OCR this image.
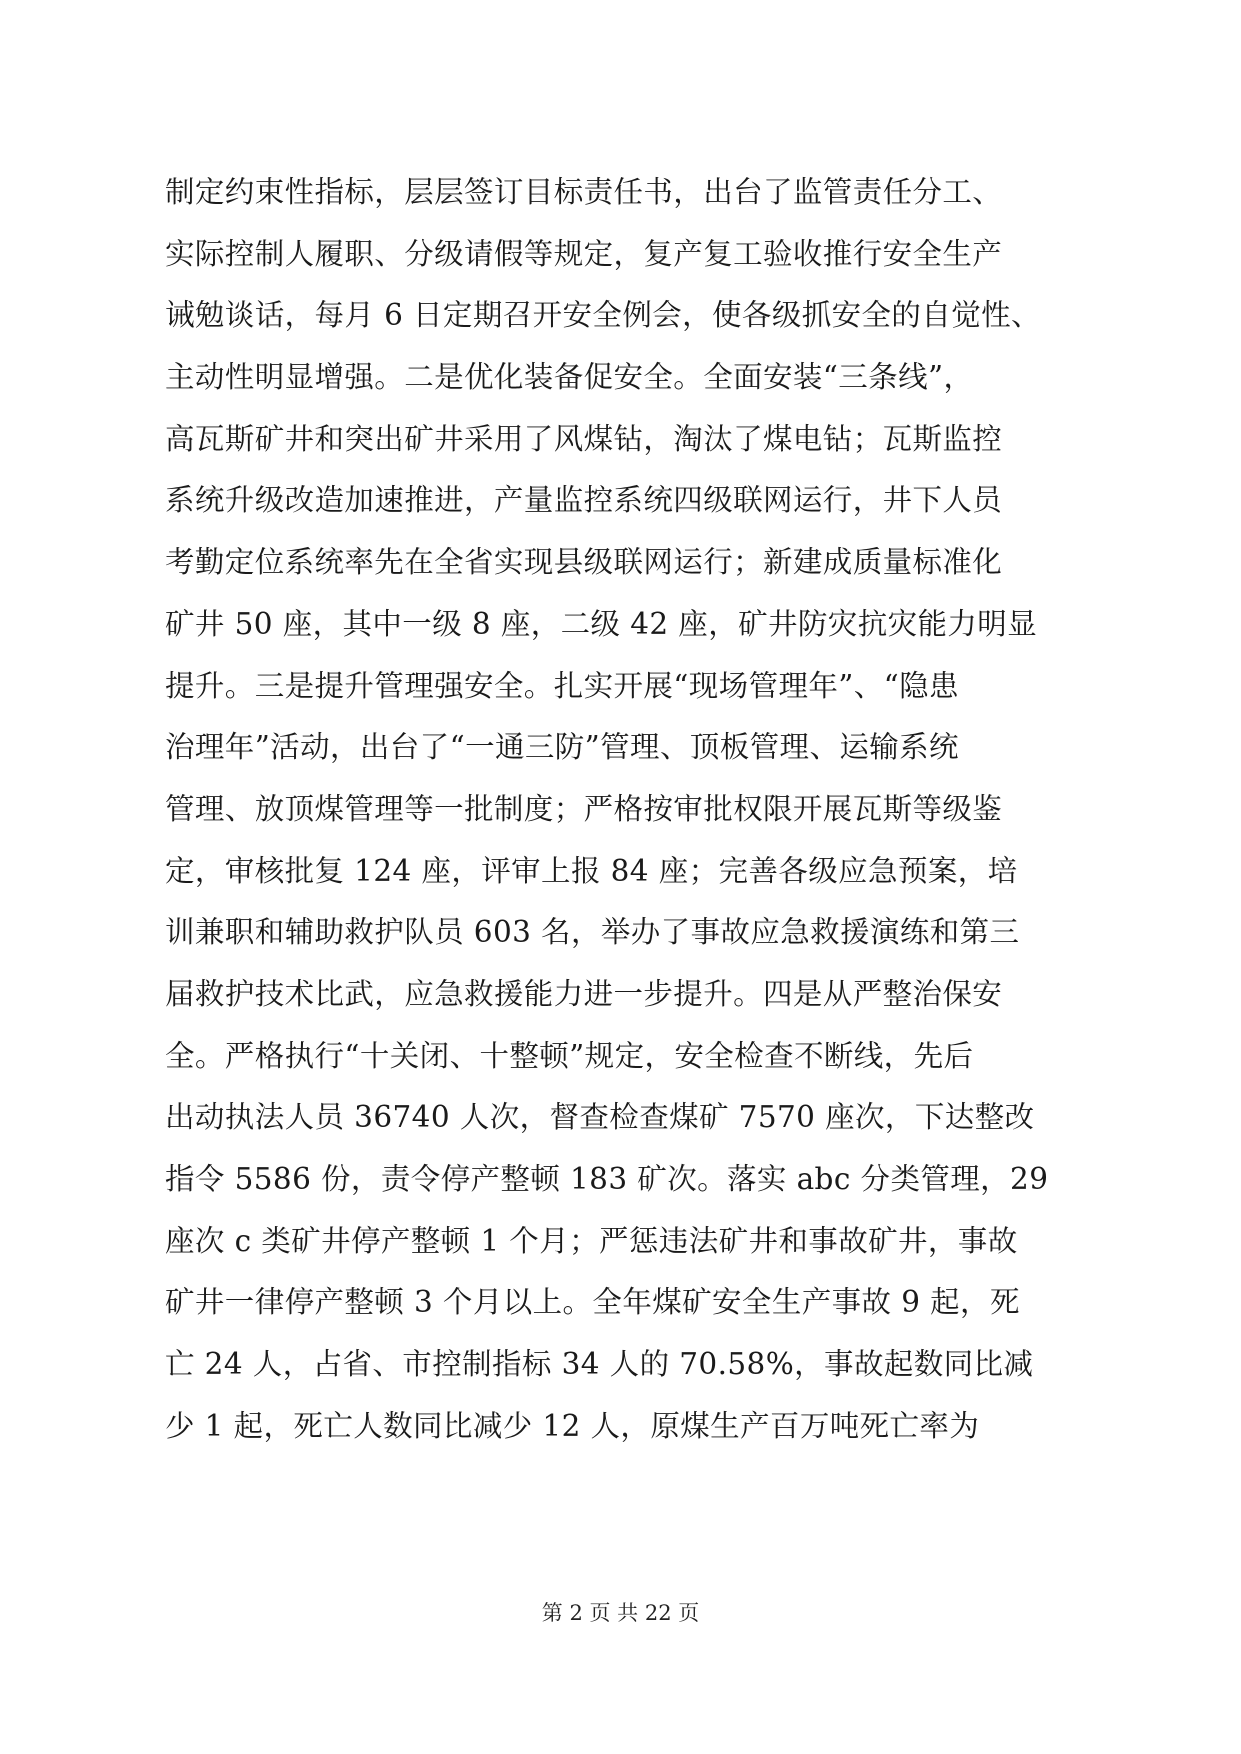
制定约束性指标，层层签订目标责任书，出台了监管责任分工、
实际控制人履职、分级请假等规定，复产复工验收推行安全生产
诫勉谈话，每月 6 日定期召开安全例会，使各级抓安全的自觉性、
主动性明显增强。二是优化装备促安全。全面安装“三条线”，
高瓦斯矿井和突出矿井采用了风煤钻，淘汰了煤电钻；瓦斯监控
系统升级改造加速推进，产量监控系统四级联网运行，井下人员
考勤定位系统率先在全省实现县级联网运行；新建成质量标准化
矿井 50 座，其中一级 8 座，二级 42 座，矿井防灾抗灾能力明显
提升。三是提升管理强安全。扎实开展“现场管理年”、“隐患
治理年”活动，出台了“一通三防”管理、顶板管理、运输系统
管理、放顶煤管理等一批制度；严格按审批权限开展瓦斯等级鉴
定，审核批复 124 座，评审上报 84 座；完善各级应急预案，培
训兼职和辅助救护队员 603 名，举办了事故应急救援演练和第三
届救护技术比武，应急救援能力进一步提升。四是从严整治保安
全。严格执行“十关闭、十整顿”规定，安全检查不断线，先后
出动执法人员 36740 人次，督查检查煤矿 7570 座次，下达整改
指令 5586 份，责令停产整顿 183 矿次。落实 abc 分类管理，29
座次 c 类矿井停产整顿 1 个月；严惩违法矿井和事故矿井，事故
矿井一律停产整顿 3 个月以上。全年煤矿安全生产事故 9 起，死
亡 24 人，占省、市控制指标 34 人的 70.58%，事故起数同比减
少 1 起，死亡人数同比减少 12 人，原煤生产百万吨死亡率为
第 2 页 共 22 页
